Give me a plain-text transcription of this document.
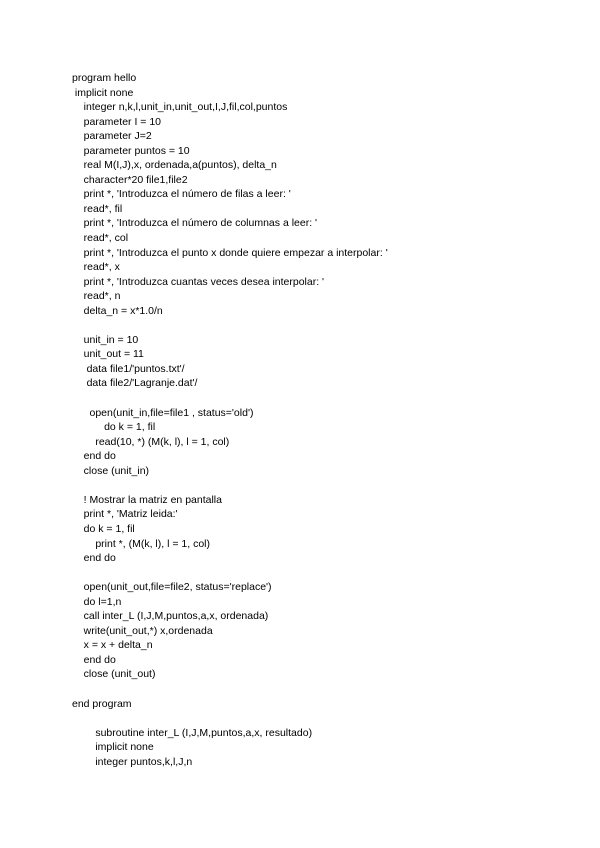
program hello
implicit none
integer n,k,l,unit_in,unit_out,I,J,fil,col,puntos
parameter I = 10
parameter J=2
parameter puntos = 10
real M(I,J),x, ordenada,a(puntos), delta_n
character*20 file1,file2
print *, 'Introduzca el número de filas a leer: '
read*, fil
print *, 'Introduzca el número de columnas a leer: '
read*, col
print *, 'Introduzca el punto x donde quiere empezar a interpolar: '
read*, x
print *, 'Introduzca cuantas veces desea interpolar: '
read*, n
delta_n = x*1.0/n
unit_in = 10
unit_out = 11
data file1/'puntos.txt'/
data file2/'Lagranje.dat'/
open(unit_in,file=file1 , status='old')
do k = 1, fil
read(10, *) (M(k, l), l = 1, col)
end do
close (unit_in)
! Mostrar la matriz en pantalla
print *, 'Matriz leida:'
do k = 1, fil
print *, (M(k, l), l = 1, col)
end do
open(unit_out,file=file2, status='replace')
do l=1,n
call inter_L (I,J,M,puntos,a,x, ordenada)
write(unit_out,*) x,ordenada
x = x + delta_n
end do
close (unit_out)
end program
subroutine inter_L (I,J,M,puntos,a,x, resultado)
implicit none
integer puntos,k,l,J,n
